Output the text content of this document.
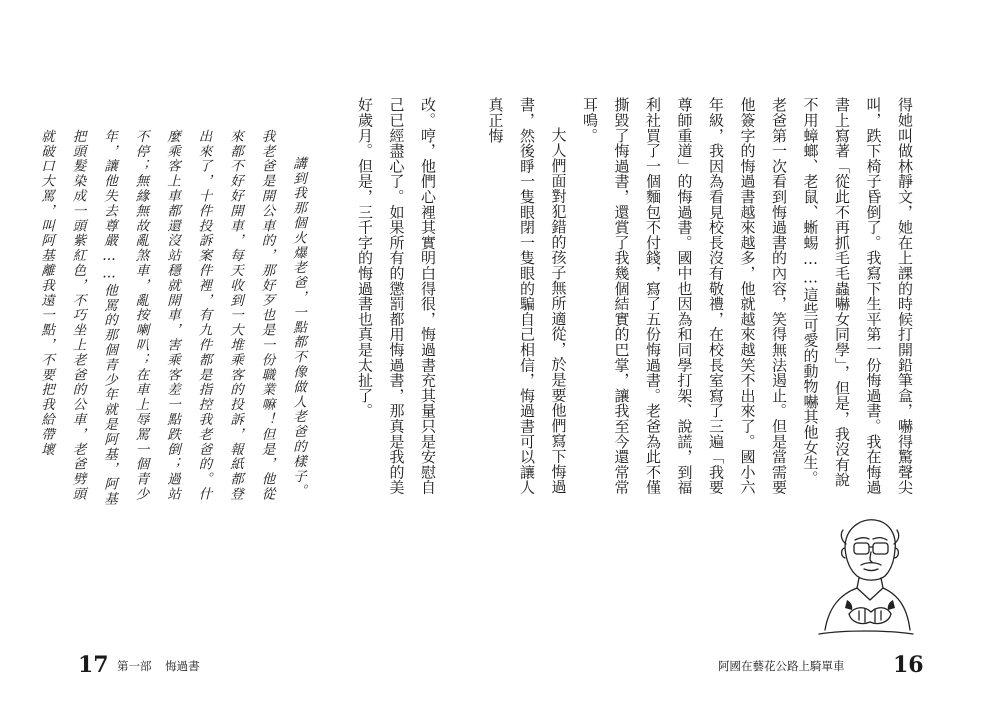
改。哼，他們心裡其實明白得很，悔過書充其量只是安慰自己已經盡心了。如果所有的懲罰都用悔過書，那真是我的美好歲月。但是，三千字的悔過書也真是太扯了。

講到我那個火爆老爸，一點都不像做人老爸的樣子。我老爸是開公車的，那好歹也是一份職業嘛！但是，他從來都不好好開車，每天收到一大堆乘客的投訴，報紙都登出來了，十件投訴案件裡，有九件都是指控我老爸的。什麼乘客上車都還沒站穩就開車，害乘客差一點跌倒；過站不停；無緣無故亂煞車，亂按喇叭；在車上辱罵一個青少年，讓他失去尊嚴……他罵的那個青少年就是阿基，阿基把頭髮染成一頭紫紅色，不巧坐上老爸的公車，老爸劈頭就破口大罵，叫阿基離我遠一點，不要把我給帶壞

17 第一部 悔過書

得她叫做林靜文，她在上課的時候打開鉛筆盒，嚇得驚聲尖叫，跌下椅子昏倒了。我寫下生平第一份悔過書。我在悔過書上寫著「從此不再抓毛毛蟲嚇女同學」，但是，我沒有說不用蟑螂、老鼠、蜥蜴……這些可愛的動物嚇其他女生。老爸第一次看到悔過書的內容，笑得無法遏止。但是當需要他簽字的悔過書越來越多，他就越來越笑不出來了。國小六年級，我因為看見校長沒有敬禮，在校長室寫了三遍「我要尊師重道」的悔過書。國中也因為和同學打架、說謊，到福利社買了一個麵包不付錢，寫了五份悔過書。老爸為此不僅撕毀了悔過書，還賞了我幾個結實的巴掌，讓我至今還常常耳鳴。

大人們面對犯錯的孩子無所適從，於是要他們寫下悔過書，然後睜一隻眼閉一隻眼的騙自己相信，悔過書可以讓人真正悔

阿國在藝花公路上騎單車 16
